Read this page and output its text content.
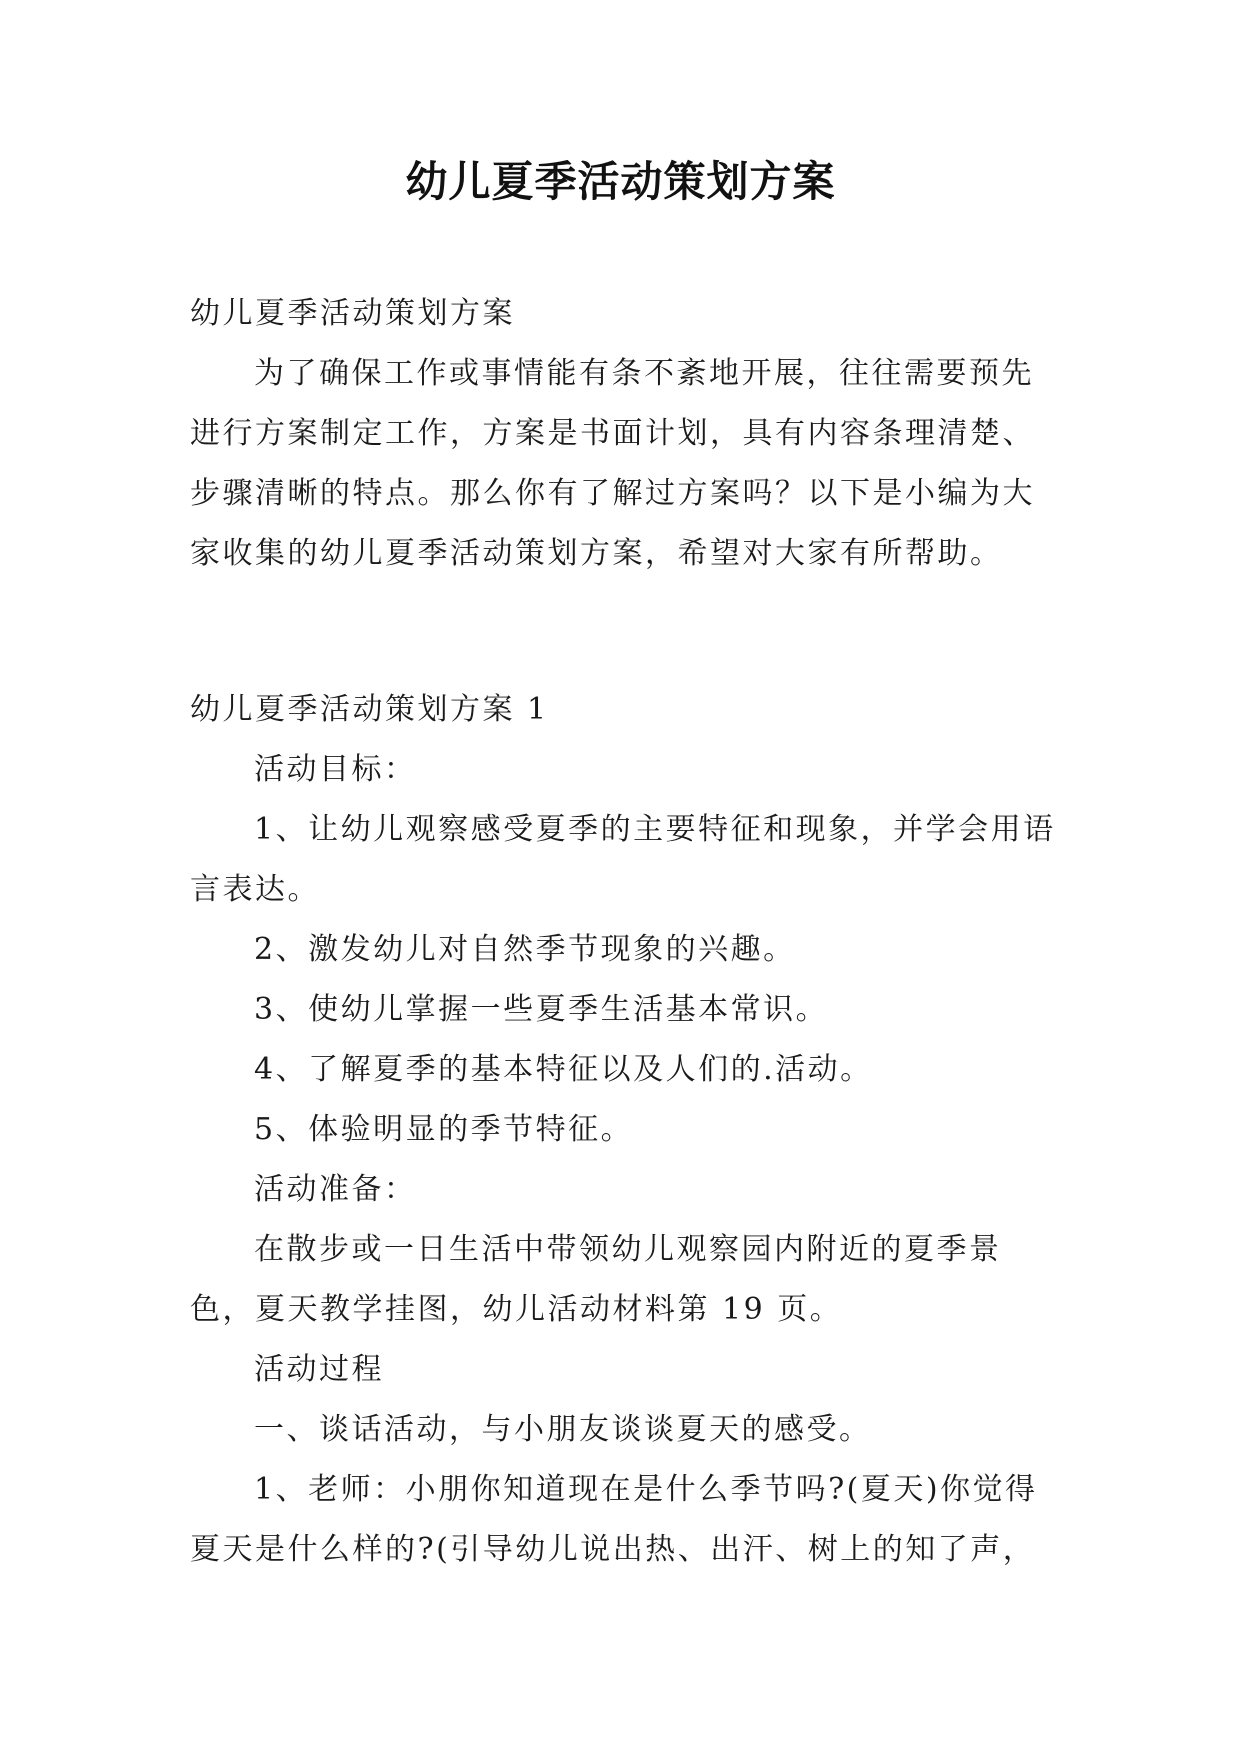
幼儿夏季活动策划方案

幼儿夏季活动策划方案

为了确保工作或事情能有条不紊地开展，往往需要预先进行方案制定工作，方案是书面计划，具有内容条理清楚、步骤清晰的特点。那么你有了解过方案吗？以下是小编为大家收集的幼儿夏季活动策划方案，希望对大家有所帮助。

幼儿夏季活动策划方案 1

活动目标：

1、让幼儿观察感受夏季的主要特征和现象，并学会用语言表达。

2、激发幼儿对自然季节现象的兴趣。

3、使幼儿掌握一些夏季生活基本常识。

4、了解夏季的基本特征以及人们的.活动。

5、体验明显的季节特征。

活动准备：

在散步或一日生活中带领幼儿观察园内附近的夏季景色，夏天教学挂图，幼儿活动材料第 19 页。

活动过程

一、谈话活动，与小朋友谈谈夏天的感受。

1、老师：小朋你知道现在是什么季节吗?(夏天)你觉得夏天是什么样的?(引导幼儿说出热、出汗、树上的知了声，
